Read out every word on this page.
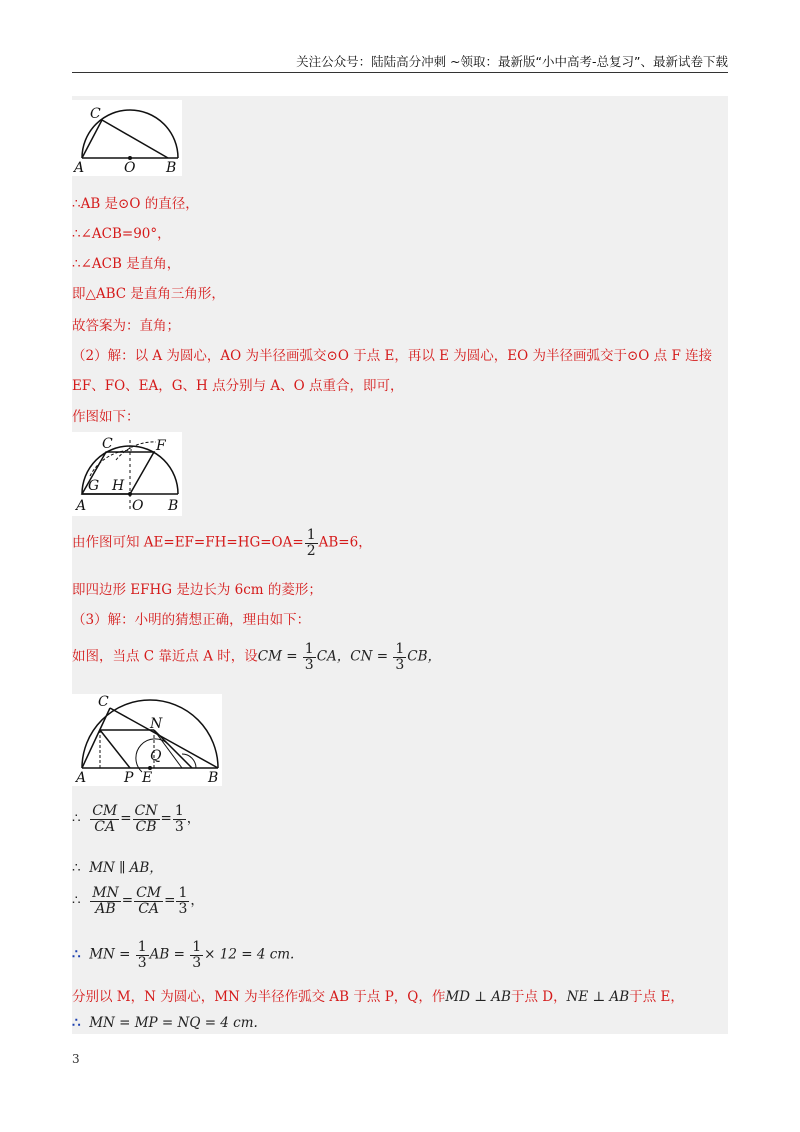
关注公众号：陆陆高分冲刺 ~领取：最新版“小中高考-总复习”、最新试卷下载
C
A	O B
∴AB 是⊙O 的直径，
∴∠ACB=90°，
∴∠ACB 是直角，
即△ABC 是直角三角形，
故答案为：直角；
（2）解：以 A 为圆心，AO 为半径画弧交⊙O 于点 E，再以 E 为圆心，EO 为半径画弧交于⊙O 点 F 连接
EF、FO、EA，G、H 点分别与 A、O 点重合，即可，
作图如下：
C	F
G H
A	O B
由作图可知 $AE=EF=FH=HG=OA= \frac{1}{2} AB=6$，
即四边形 EFHG 是边长为 6cm 的菱形；
（3）解：小明的猜想正确，理由如下：
如图，当点 C 靠近点 A 时，设CM = $\frac{1}{3}$ CA，CN = $\frac{1}{3}$ CB，
C
N
Q
A	P E	B
∴ $\frac{CM}{CA} = \frac{CN}{CB} = \frac{1}{3}$ ，
∴ MN ∥ AB，
∴ $\frac{MN}{AB} = \frac{CM}{CA} = \frac{1}{3}$ ，
∴ MN = $\frac{1}{3}$ AB = $\frac{1}{3} \times 12 = 4$ cm.
分别以 M，N 为圆心，MN 为半径作弧交 AB 于点 P，Q，作MD ⊥ AB于点 D，NE ⊥ AB于点 E，
∴ MN = MP = NQ = 4 cm.
3
